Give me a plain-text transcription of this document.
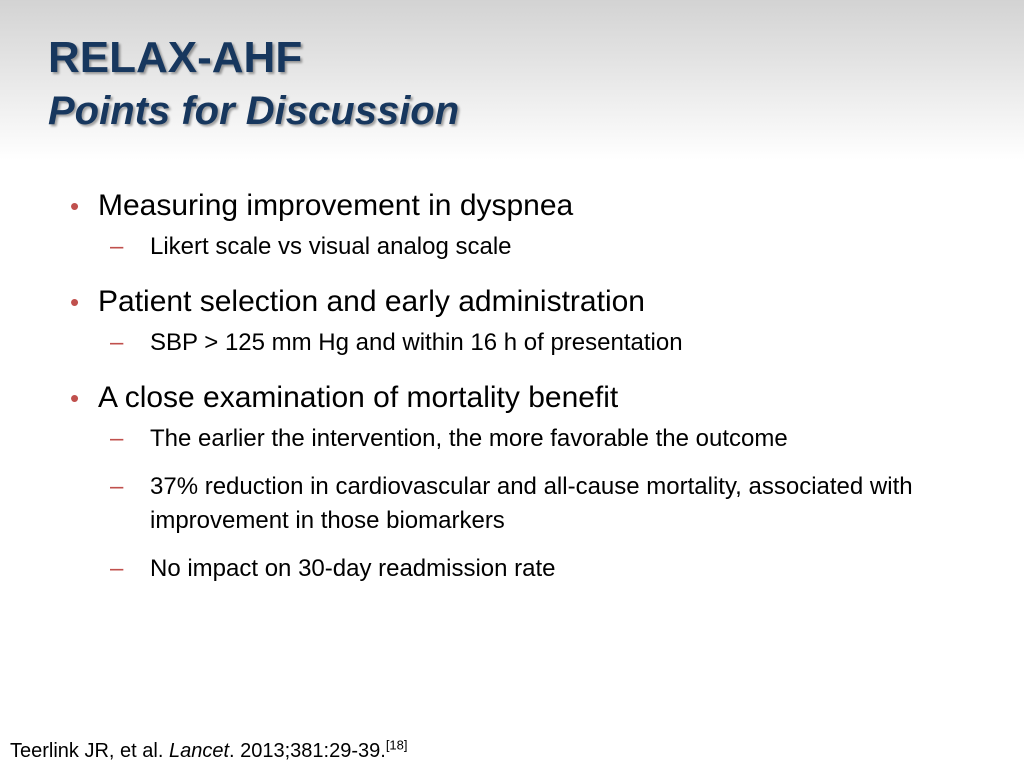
RELAX-AHF
Points for Discussion
• Measuring improvement in dyspnea
– Likert scale vs visual analog scale
• Patient selection and early administration
– SBP > 125 mm Hg and within 16 h of presentation
• A close examination of mortality benefit
– The earlier the intervention, the more favorable the outcome
– 37% reduction in cardiovascular and all-cause mortality, associated with improvement in those biomarkers
– No impact on 30-day readmission rate
Teerlink JR, et al. Lancet. 2013;381:29-39.[18]
